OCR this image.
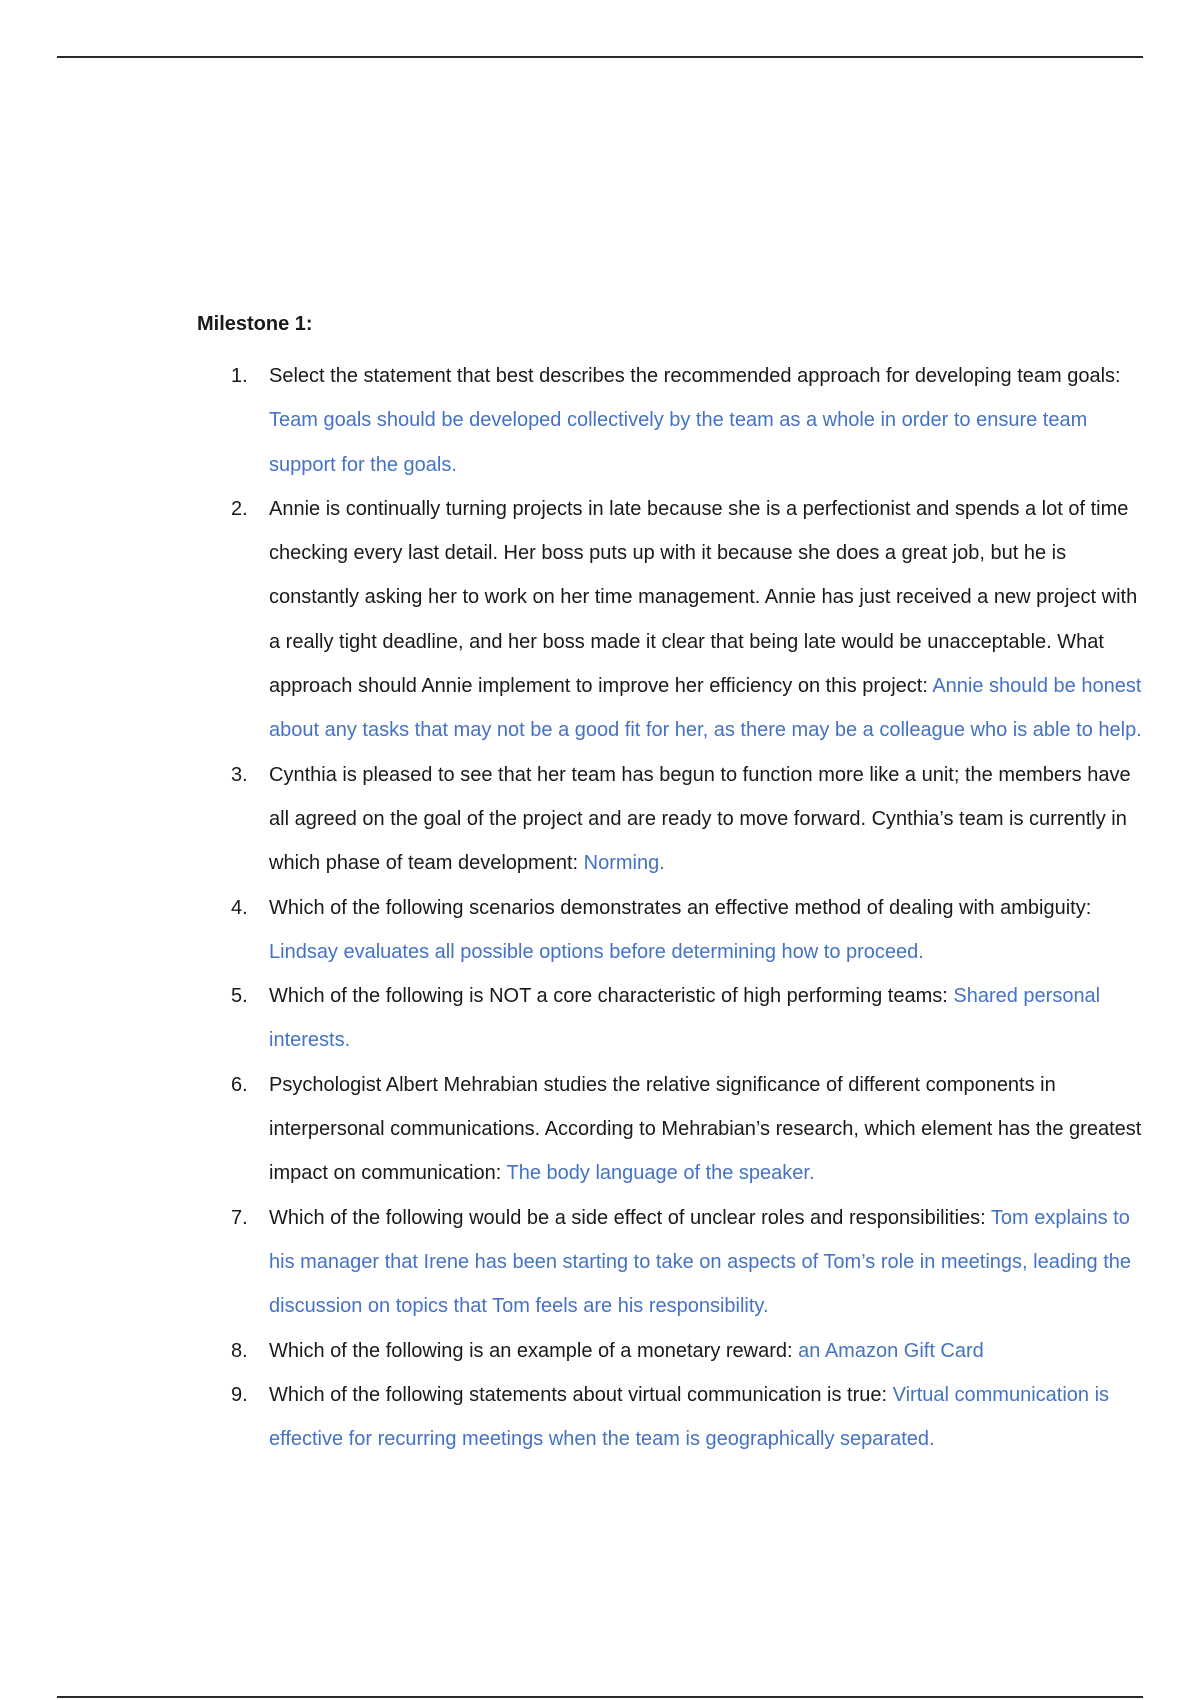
Milestone 1:
1. Select the statement that best describes the recommended approach for developing team goals: Team goals should be developed collectively by the team as a whole in order to ensure team support for the goals.
2. Annie is continually turning projects in late because she is a perfectionist and spends a lot of time checking every last detail. Her boss puts up with it because she does a great job, but he is constantly asking her to work on her time management. Annie has just received a new project with a really tight deadline, and her boss made it clear that being late would be unacceptable. What approach should Annie implement to improve her efficiency on this project: Annie should be honest about any tasks that may not be a good fit for her, as there may be a colleague who is able to help.
3. Cynthia is pleased to see that her team has begun to function more like a unit; the members have all agreed on the goal of the project and are ready to move forward. Cynthia’s team is currently in which phase of team development: Norming.
4. Which of the following scenarios demonstrates an effective method of dealing with ambiguity: Lindsay evaluates all possible options before determining how to proceed.
5. Which of the following is NOT a core characteristic of high performing teams: Shared personal interests.
6. Psychologist Albert Mehrabian studies the relative significance of different components in interpersonal communications. According to Mehrabian’s research, which element has the greatest impact on communication: The body language of the speaker.
7. Which of the following would be a side effect of unclear roles and responsibilities: Tom explains to his manager that Irene has been starting to take on aspects of Tom’s role in meetings, leading the discussion on topics that Tom feels are his responsibility.
8. Which of the following is an example of a monetary reward: an Amazon Gift Card
9. Which of the following statements about virtual communication is true: Virtual communication is effective for recurring meetings when the team is geographically separated.
